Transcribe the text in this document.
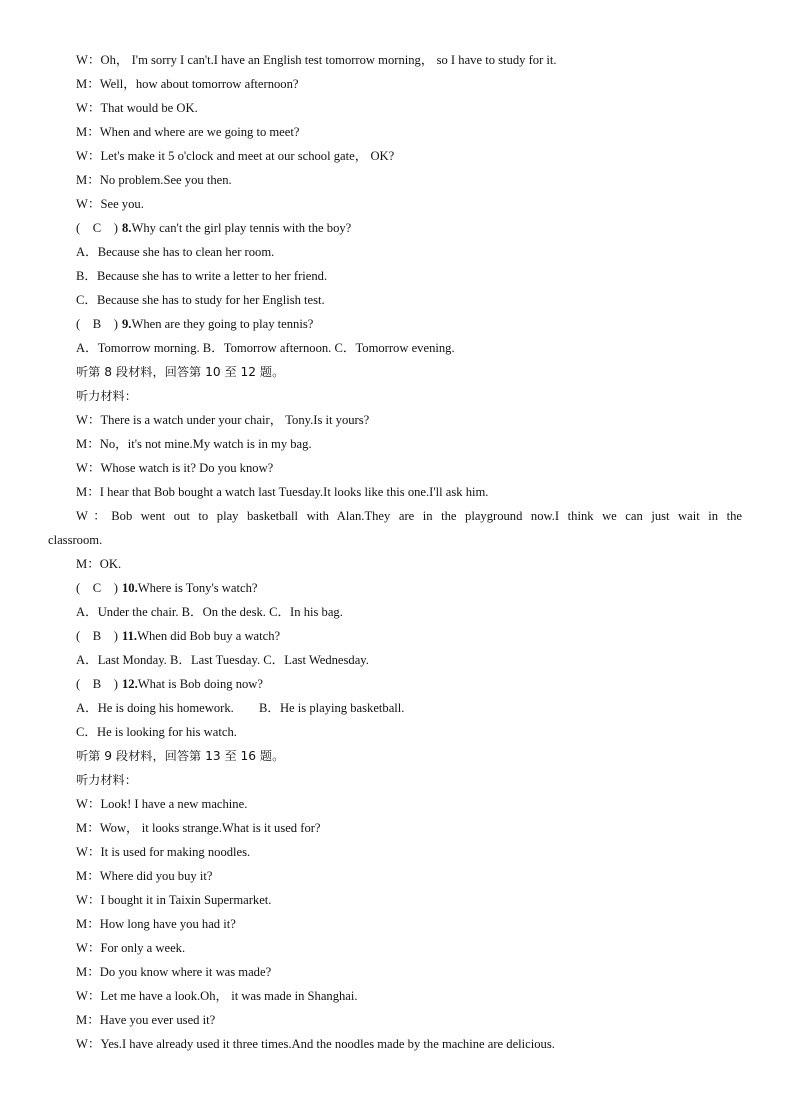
W：Oh， I'm sorry I can't.I have an English test tomorrow morning， so I have to study for it.
M：Well，how about tomorrow afternoon?
W：That would be OK.
M：When and where are we going to meet?
W：Let's make it 5 o'clock and meet at our school gate， OK?
M：No problem.See you then.
W：See you.
(　C　) 8.Why can't the girl play tennis with the boy?
A．Because she has to clean her room.
B．Because she has to write a letter to her friend.
C．Because she has to study for her English test.
(　B　) 9.When are they going to play tennis?
A．Tomorrow morning. B．Tomorrow afternoon. C．Tomorrow evening.
听第 8 段材料，回答第 10 至 12 题。
听力材料：
W：There is a watch under your chair， Tony.Is it yours?
M：No，it's not mine.My watch is in my bag.
W：Whose watch is it? Do you know?
M：I hear that Bob bought a watch last Tuesday.It looks like this one.I'll ask him.
W：Bob went out to play basketball with Alan.They are in the playground now.I think we can just wait in the
classroom.
M：OK.
(　C　) 10.Where is Tony's watch?
A．Under the chair. B．On the desk. C．In his bag.
(　B　) 11.When did Bob buy a watch?
A．Last Monday. B．Last Tuesday. C．Last Wednesday.
(　B　) 12.What is Bob doing now?
A．He is doing his homework.        B．He is playing basketball.
C．He is looking for his watch.
听第 9 段材料，回答第 13 至 16 题。
听力材料：
W：Look! I have a new machine.
M：Wow， it looks strange.What is it used for?
W：It is used for making noodles.
M：Where did you buy it?
W：I bought it in Taixin Supermarket.
M：How long have you had it?
W：For only a week.
M：Do you know where it was made?
W：Let me have a look.Oh， it was made in Shanghai.
M：Have you ever used it?
W：Yes.I have already used it three times.And the noodles made by the machine are delicious.
